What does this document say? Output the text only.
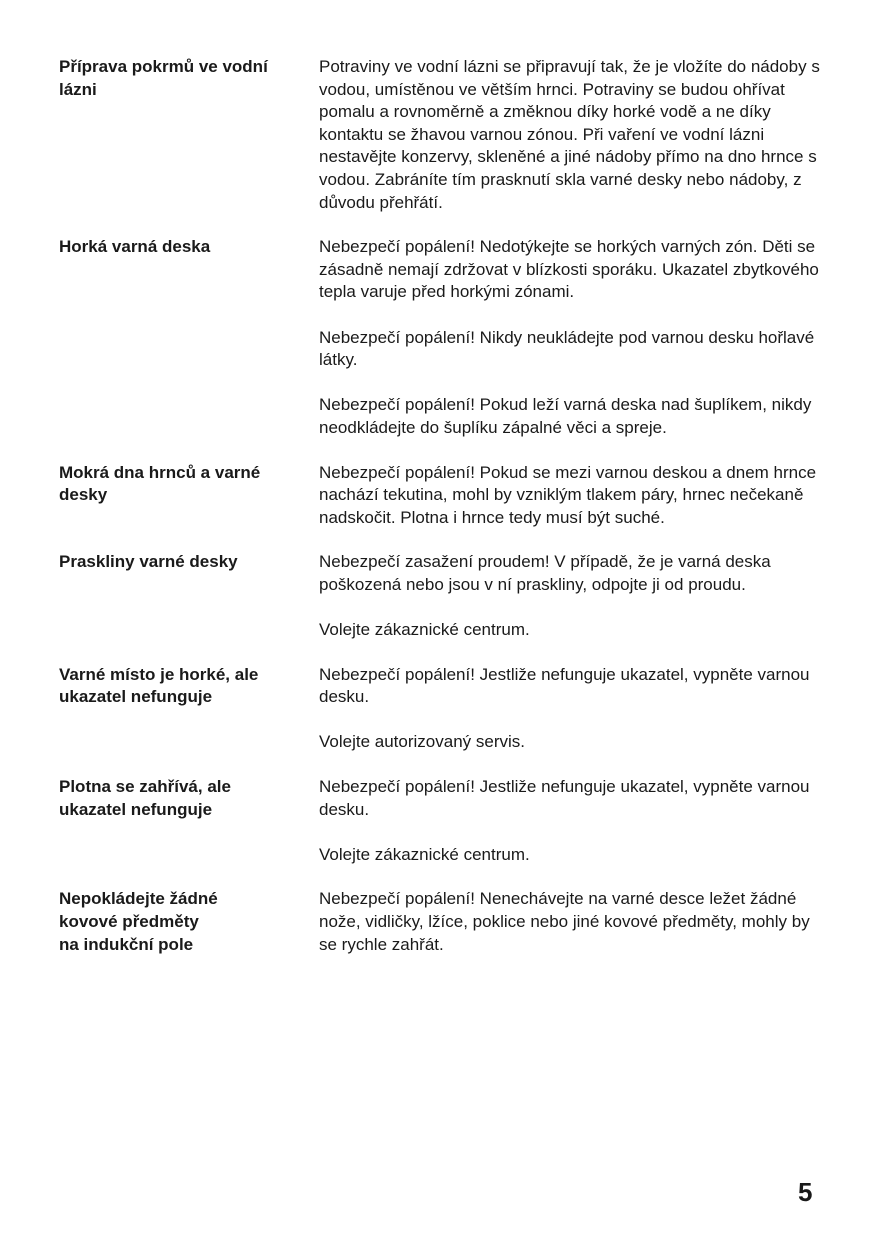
Příprava pokrmů ve vodní
lázni

Potraviny ve vodní lázni se připravují tak, že je vložíte do nádoby s vodou, umístěnou ve větším hrnci. Potraviny se budou ohřívat pomalu a rovnoměrně a změknou díky horké vodě a ne díky kontaktu se žhavou varnou zónou. Při vaření ve vodní lázni nestavějte konzervy, skleněné a jiné nádoby přímo na dno hrnce s vodou. Zabráníte tím prasknutí skla varné desky nebo nádoby, z důvodu přehřátí.

Horká varná deska	Nebezpečí popálení! Nedotýkejte se horkých varných zón. Děti se zásadně nemají zdržovat v blízkosti sporáku. Ukazatel zbytkového tepla varuje před horkými zónami.

Nebezpečí popálení! Nikdy neukládejte pod varnou desku hořlavé látky.

Nebezpečí popálení! Pokud leží varná deska nad šuplíkem, nikdy neodkládejte do šuplíku zápalné věci a spreje.

Mokrá dna hrnců a varné
desky

Nebezpečí popálení! Pokud se mezi varnou deskou a dnem hrnce nachází tekutina, mohl by vzniklým tlakem páry, hrnec nečekaně nadskočit. Plotna i hrnce tedy musí být suché.

Praskliny varné desky	Nebezpečí zasažení proudem! V případě, že je varná deska poškozená nebo jsou v ní praskliny, odpojte ji od proudu.

Volejte zákaznické centrum.

Varné místo je horké, ale
ukazatel nefunguje

Nebezpečí popálení! Jestliže nefunguje ukazatel, vypněte varnou desku.

Volejte autorizovaný servis.

Plotna se zahřívá, ale
ukazatel nefunguje

Nebezpečí popálení! Jestliže nefunguje ukazatel, vypněte varnou desku.

Volejte zákaznické centrum.

Nepokládejte žádné
kovové předměty
na indukční pole

Nebezpečí popálení! Nenechávejte na varné desce ležet žádné nože, vidličky, lžíce, poklice nebo jiné kovové předměty, mohly by se rychle zahřát.

5
